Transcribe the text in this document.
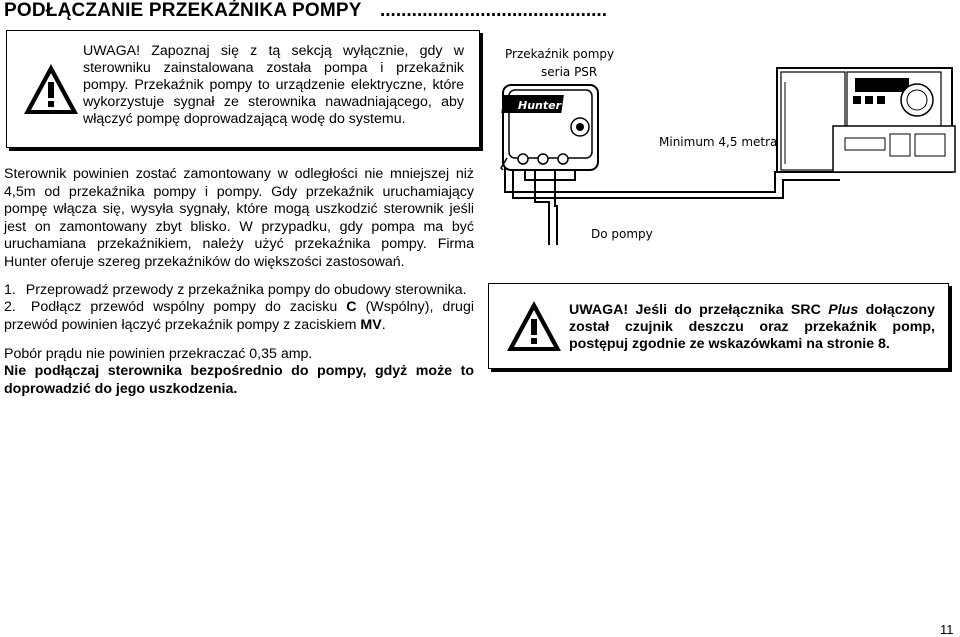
PODŁĄCZANIE PRZEKAŹNIKA POMPY ...........................................
UWAGA! Zapoznaj się z tą sekcją wyłącznie, gdy w sterowniku zainstalowana została pompa i przekaźnik pompy. Przekaźnik pompy to urządzenie elektryczne, które wykorzystuje sygnał ze sterownika nawadniającego, aby włączyć pompę doprowadzającą wodę do systemu.
Hunter
Przekaźnik pompy
seria PSR
Minimum 4,5 metra
Do pompy
Sterownik powinien zostać zamontowany w odległości nie mniejszej niż 4,5m od przekaźnika pompy i pompy. Gdy przekaźnik uruchamiający pompę włącza się, wysyła sygnały, które mogą uszkodzić sterownik jeśli jest on zamontowany zbyt blisko. W przypadku, gdy pompa ma być uruchamiana przekaźnikiem, należy użyć przekaźnika pompy. Firma Hunter oferuje szereg przekaźników do większości zastosowań.
1. Przeprowadź przewody z przekaźnika pompy do obudowy sterownika.
2. Podłącz przewód wspólny pompy do zacisku C (Wspólny), drugi przewód powinien łączyć przekaźnik pompy z zaciskiem MV.
Pobór prądu nie powinien przekraczać 0,35 amp.
Nie podłączaj sterownika bezpośrednio do pompy, gdyż może to doprowadzić do jego uszkodzenia.
UWAGA! Jeśli do przełącznika SRC Plus dołączony został czujnik deszczu oraz przekaźnik pomp, postępuj zgodnie ze wskazówkami na stronie 8.
11
